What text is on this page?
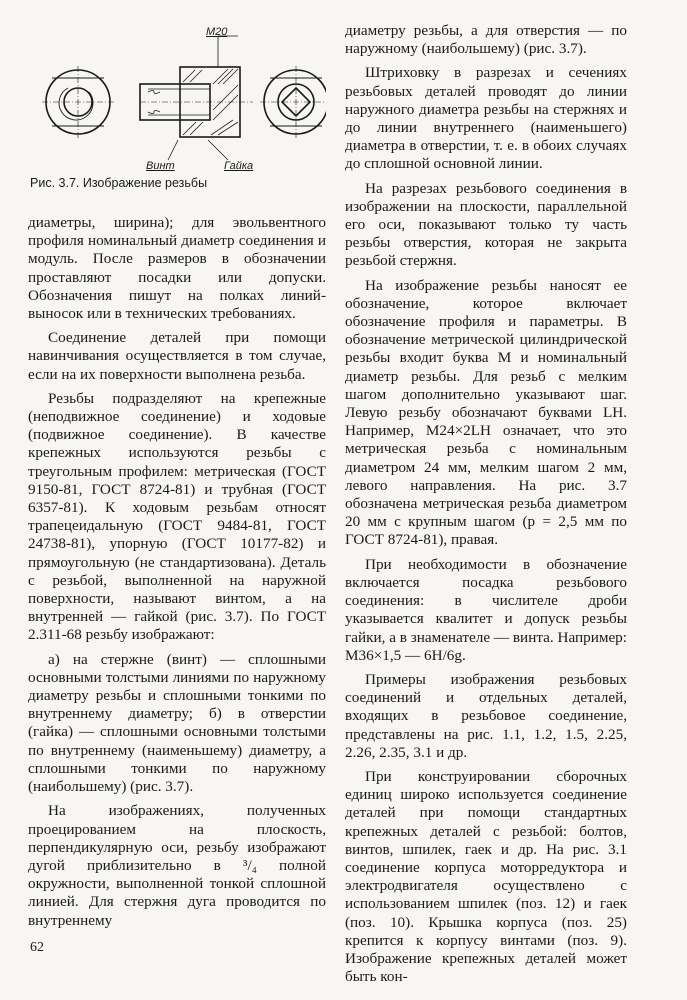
M20
Винт	Гайка
Рис. 3.7. Изображение резьбы

диаметры, ширина); для эвольвентного профиля номинальный диаметр соединения и модуль. После размеров в обозначении проставляют посадки или допуски. Обозначения пишут на полках линий-выносок или в технических требованиях.

Соединение деталей при помощи навинчивания осуществляется в том случае, если на их поверхности выполнена резьба.

Резьбы подразделяют на крепежные (неподвижное соединение) и ходовые (подвижное соединение). В качестве крепежных используются резьбы с треугольным профилем: метрическая (ГОСТ 9150-81, ГОСТ 8724-81) и трубная (ГОСТ 6357-81). К ходовым резьбам относят трапецеидальную (ГОСТ 9484-81, ГОСТ 24738-81), упорную (ГОСТ 10177-82) и прямоугольную (не стандартизована). Деталь с резьбой, выполненной на наружной поверхности, называют винтом, а на внутренней — гайкой (рис. 3.7). По ГОСТ 2.311-68 резьбу изображают:

а) на стержне (винт) — сплошными основными толстыми линиями по наружному диаметру резьбы и сплошными тонкими по внутреннему диаметру; б) в отверстии (гайка) — сплошными основными толстыми по внутреннему (наименьшему) диаметру, а сплошными тонкими по наружному (наибольшему) (рис. 3.7).

На изображениях, полученных проецированием на плоскость, перпендикулярную оси, резьбу изображают дугой приблизительно в ³/₄ полной окружности, выполненной тонкой сплошной линией. Для стержня дуга проводится по внутреннему

диаметру резьбы, а для отверстия — по наружному (наибольшему) (рис. 3.7).

Штриховку в разрезах и сечениях резьбовых деталей проводят до линии наружного диаметра резьбы на стержнях и до линии внутреннего (наименьшего) диаметра в отверстии, т. е. в обоих случаях до сплошной основной линии.

На разрезах резьбового соединения в изображении на плоскости, параллельной его оси, показывают только ту часть резьбы отверстия, которая не закрыта резьбой стержня.

На изображение резьбы наносят ее обозначение, которое включает обозначение профиля и параметры. В обозначение метрической цилиндрической резьбы входит буква М и номинальный диаметр резьбы. Для резьб с мелким шагом дополнительно указывают шаг. Левую резьбу обозначают буквами LH. Например, M24×2LH означает, что это метрическая резьба с номинальным диаметром 24 мм, мелким шагом 2 мм, левого направления. На рис. 3.7 обозначена метрическая резьба диаметром 20 мм с крупным шагом (p = 2,5 мм по ГОСТ 8724-81), правая.

При необходимости в обозначение включается посадка резьбового соединения: в числителе дроби указывается квалитет и допуск резьбы гайки, а в знаменателе — винта. Например: M36×1,5 — 6H/6g.

Примеры изображения резьбовых соединений и отдельных деталей, входящих в резьбовое соединение, представлены на рис. 1.1, 1.2, 1.5, 2.25, 2.26, 2.35, 3.1 и др.

При конструировании сборочных единиц широко используется соединение деталей при помощи стандартных крепежных деталей с резьбой: болтов, винтов, шпилек, гаек и др. На рис. 3.1 соединение корпуса моторредуктора и электродвигателя осуществлено с использованием шпилек (поз. 12) и гаек (поз. 10). Крышка корпуса (поз. 25) крепится к корпусу винтами (поз. 9). Изображение крепежных деталей может быть кон-

62
